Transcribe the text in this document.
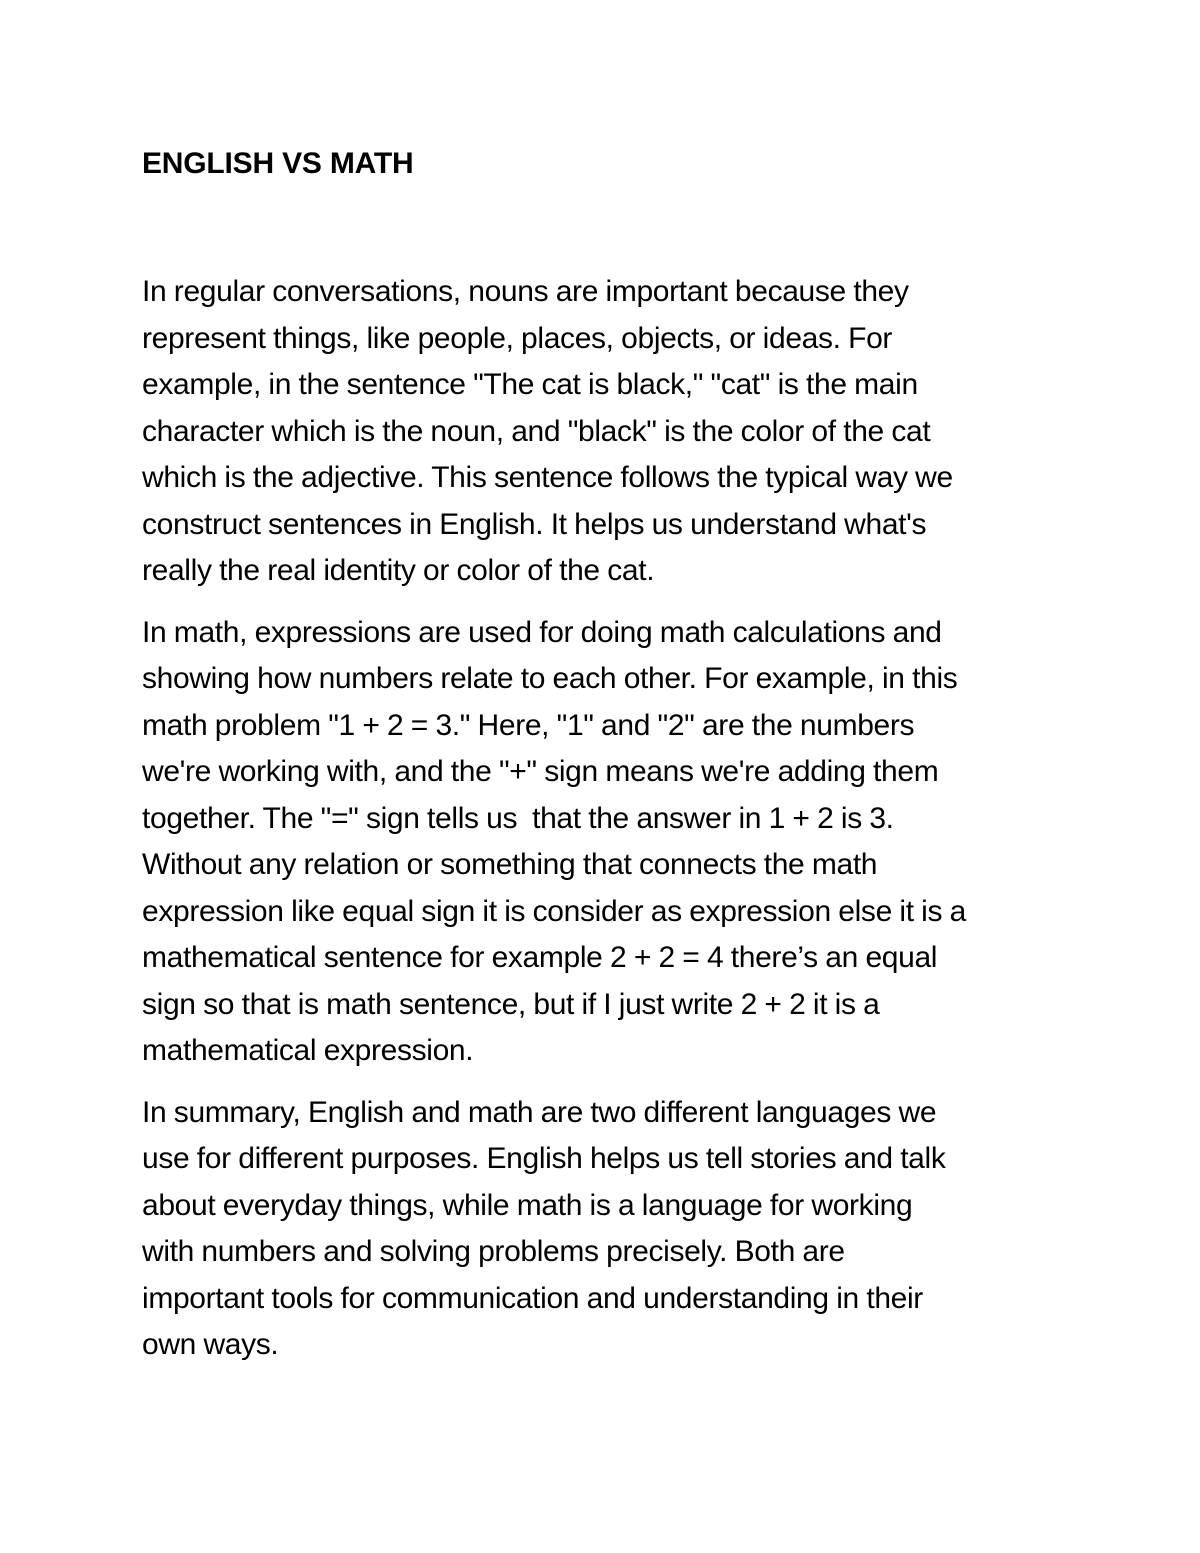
ENGLISH VS MATH

In regular conversations, nouns are important because they
represent things, like people, places, objects, or ideas. For
example, in the sentence "The cat is black," "cat" is the main
character which is the noun, and "black" is the color of the cat
which is the adjective. This sentence follows the typical way we
construct sentences in English. It helps us understand what's
really the real identity or color of the cat.

In math, expressions are used for doing math calculations and
showing how numbers relate to each other. For example, in this
math problem "1 + 2 = 3." Here, "1" and "2" are the numbers
we're working with, and the "+" sign means we're adding them
together. The "=" sign tells us  that the answer in 1 + 2 is 3.
Without any relation or something that connects the math
expression like equal sign it is consider as expression else it is a
mathematical sentence for example 2 + 2 = 4 there’s an equal
sign so that is math sentence, but if I just write 2 + 2 it is a
mathematical expression.

In summary, English and math are two different languages we
use for different purposes. English helps us tell stories and talk
about everyday things, while math is a language for working
with numbers and solving problems precisely. Both are
important tools for communication and understanding in their
own ways.
